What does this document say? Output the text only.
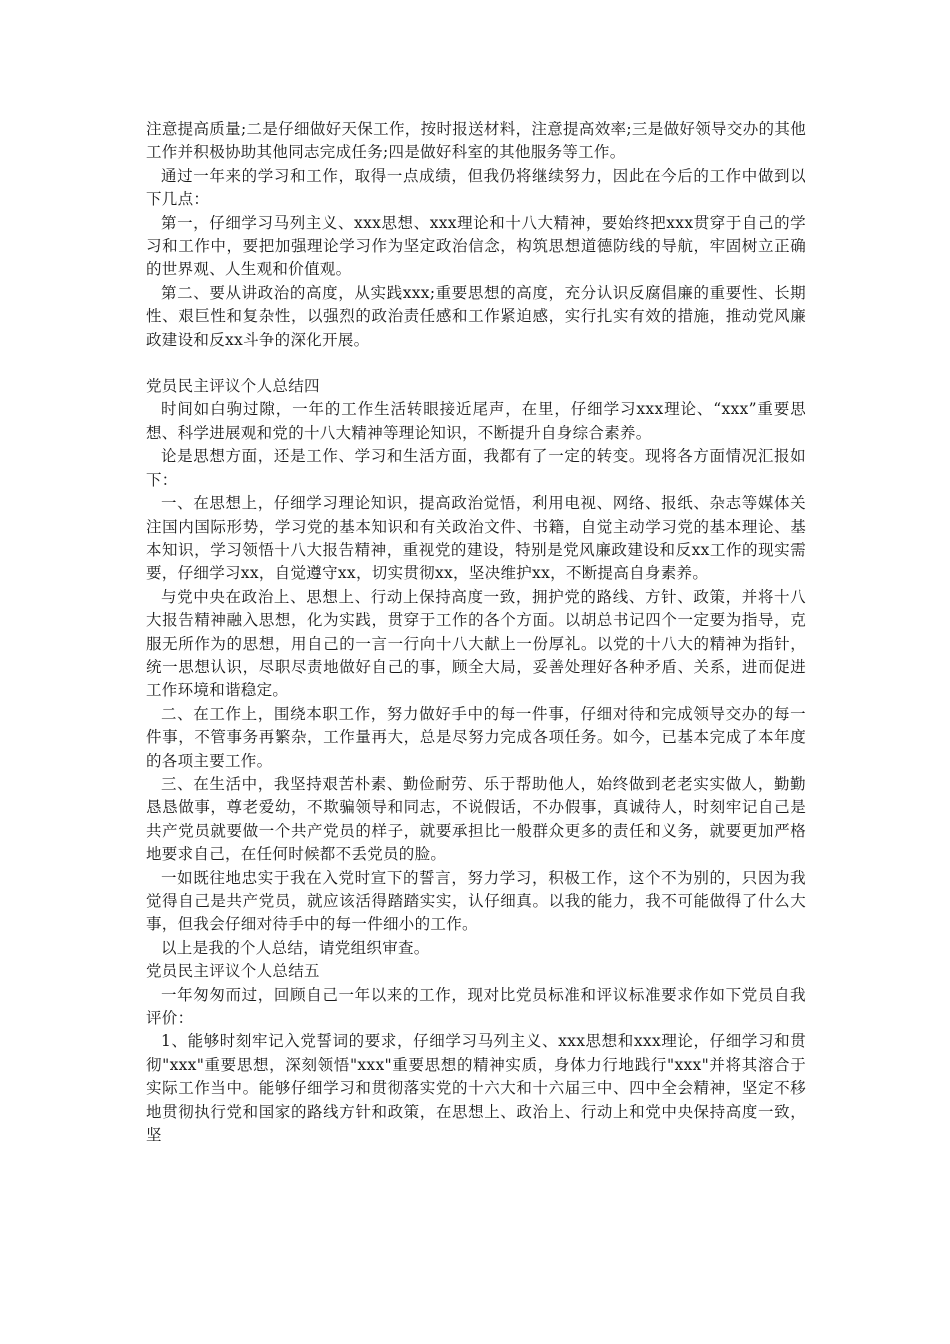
注意提高质量;二是仔细做好天保工作，按时报送材料，注意提高效率;三是做好领导交办的其他工作并积极协助其他同志完成任务;四是做好科室的其他服务等工作。

通过一年来的学习和工作，取得一点成绩，但我仍将继续努力，因此在今后的工作中做到以下几点：

第一，仔细学习马列主义、xxx思想、xxx理论和十八大精神，要始终把xxx贯穿于自己的学习和工作中，要把加强理论学习作为坚定政治信念，构筑思想道德防线的导航，牢固树立正确的世界观、人生观和价值观。

第二、要从讲政治的高度，从实践xxx;重要思想的高度，充分认识反腐倡廉的重要性、长期性、艰巨性和复杂性，以强烈的政治责任感和工作紧迫感，实行扎实有效的措施，推动党风廉政建设和反xx斗争的深化开展。

党员民主评议个人总结四

时间如白驹过隙，一年的工作生活转眼接近尾声，在里，仔细学习xxx理论、“xxx”重要思想、科学进展观和党的十八大精神等理论知识，不断提升自身综合素养。

论是思想方面，还是工作、学习和生活方面，我都有了一定的转变。现将各方面情况汇报如下：

一、在思想上，仔细学习理论知识，提高政治觉悟，利用电视、网络、报纸、杂志等媒体关注国内国际形势，学习党的基本知识和有关政治文件、书籍，自觉主动学习党的基本理论、基本知识，学习领悟十八大报告精神，重视党的建设，特别是党风廉政建设和反xx工作的现实需要，仔细学习xx，自觉遵守xx，切实贯彻xx，坚决维护xx，不断提高自身素养。

与党中央在政治上、思想上、行动上保持高度一致，拥护党的路线、方针、政策，并将十八大报告精神融入思想，化为实践，贯穿于工作的各个方面。以胡总书记四个一定要为指导，克服无所作为的思想，用自己的一言一行向十八大献上一份厚礼。以党的十八大的精神为指针，统一思想认识，尽职尽责地做好自己的事，顾全大局，妥善处理好各种矛盾、关系，进而促进工作环境和谐稳定。

二、在工作上，围绕本职工作，努力做好手中的每一件事，仔细对待和完成领导交办的每一件事，不管事务再繁杂，工作量再大，总是尽努力完成各项任务。如今，已基本完成了本年度的各项主要工作。

三、在生活中，我坚持艰苦朴素、勤俭耐劳、乐于帮助他人，始终做到老老实实做人，勤勤恳恳做事，尊老爱幼，不欺骗领导和同志，不说假话，不办假事，真诚待人，时刻牢记自己是共产党员就要做一个共产党员的样子，就要承担比一般群众更多的责任和义务，就要更加严格地要求自己，在任何时候都不丢党员的脸。

一如既往地忠实于我在入党时宣下的誓言，努力学习，积极工作，这个不为别的，只因为我觉得自己是共产党员，就应该活得踏踏实实，认仔细真。以我的能力，我不可能做得了什么大事，但我会仔细对待手中的每一件细小的工作。

以上是我的个人总结，请党组织审查。

党员民主评议个人总结五

一年匆匆而过，回顾自己一年以来的工作，现对比党员标准和评议标准要求作如下党员自我评价：

1、能够时刻牢记入党誓词的要求，仔细学习马列主义、xxx思想和xxx理论，仔细学习和贯彻"xxx"重要思想，深刻领悟"xxx"重要思想的精神实质，身体力行地践行"xxx"并将其溶合于实际工作当中。能够仔细学习和贯彻落实党的十六大和十六届三中、四中全会精神，坚定不移地贯彻执行党和国家的路线方针和政策，在思想上、政治上、行动上和党中央保持高度一致，坚
